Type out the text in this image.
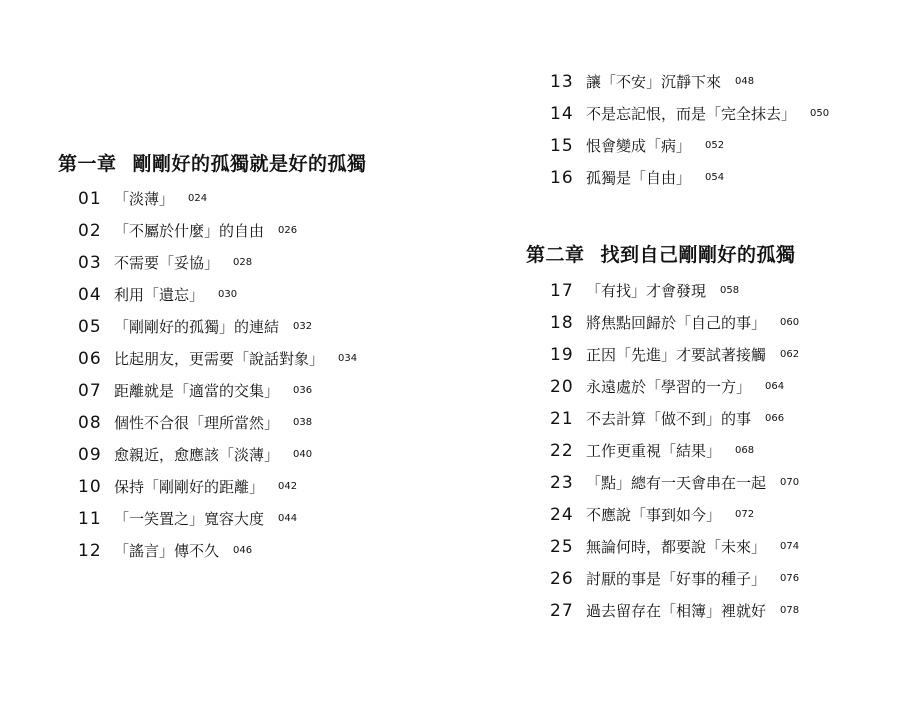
第一章 剛剛好的孤獨就是好的孤獨
01 「淡薄」 024
02 「不屬於什麼」的自由 026
03 不需要「妥協」 028
04 利用「遺忘」 030
05 「剛剛好的孤獨」的連結 032
06 比起朋友，更需要「說話對象」 034
07 距離就是「適當的交集」 036
08 個性不合很「理所當然」 038
09 愈親近，愈應該「淡薄」 040
10 保持「剛剛好的距離」 042
11 「一笑置之」寬容大度 044
12 「謠言」傳不久 046
13 讓「不安」沉靜下來 048
14 不是忘記恨，而是「完全抹去」 050
15 恨會變成「病」 052
16 孤獨是「自由」 054
第二章 找到自己剛剛好的孤獨
17 「有找」才會發現 058
18 將焦點回歸於「自己的事」 060
19 正因「先進」才要試著接觸 062
20 永遠處於「學習的一方」 064
21 不去計算「做不到」的事 066
22 工作更重視「結果」 068
23 「點」總有一天會串在一起 070
24 不應說「事到如今」 072
25 無論何時，都要說「未來」 074
26 討厭的事是「好事的種子」 076
27 過去留存在「相簿」裡就好 078
